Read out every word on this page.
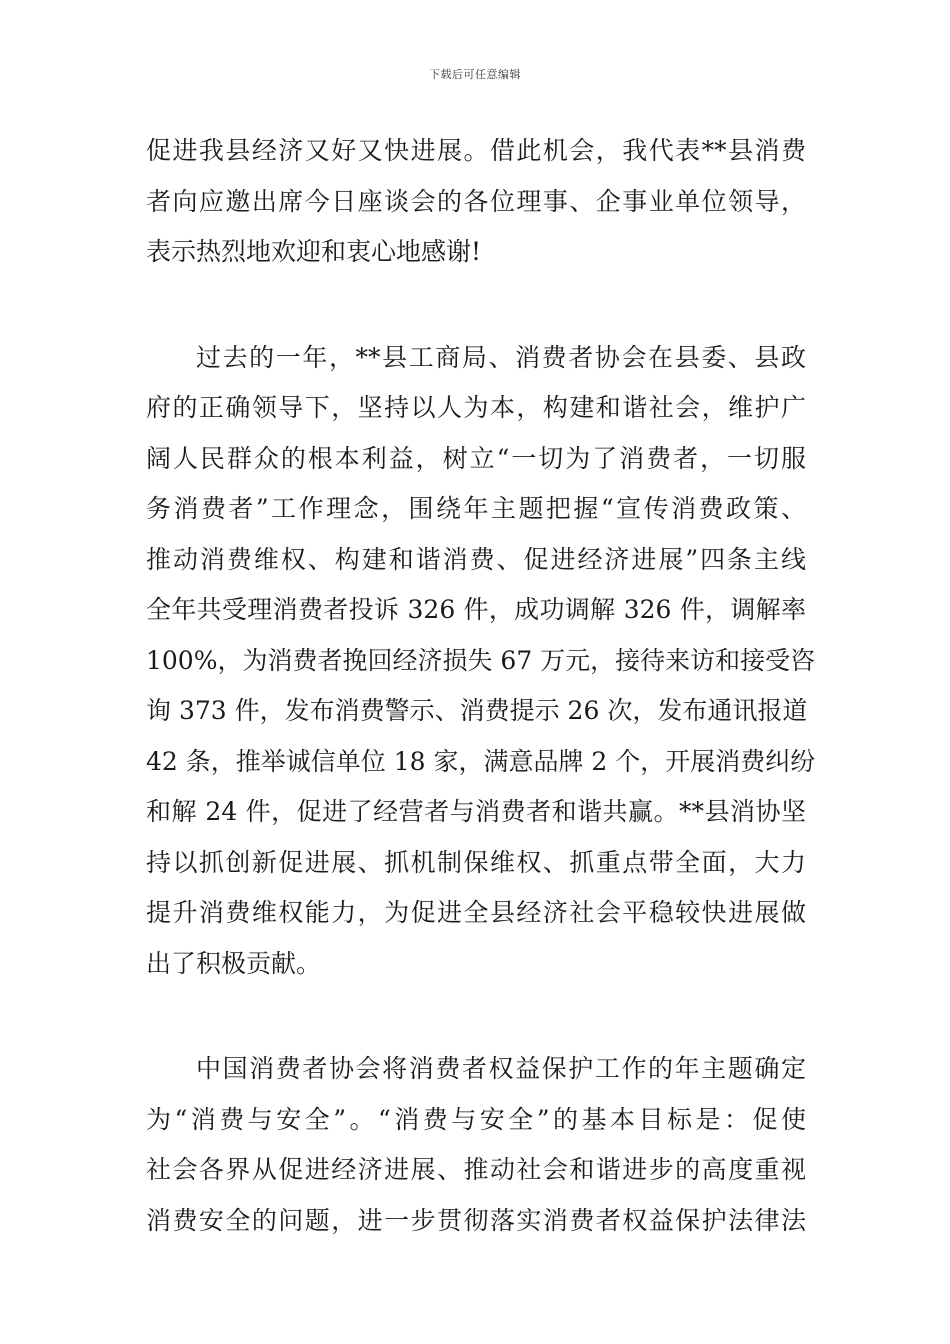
下载后可任意编辑
促进我县经济又好又快进展。借此机会，我代表**县消费
者向应邀出席今日座谈会的各位理事、企事业单位领导，
表示热烈地欢迎和衷心地感谢!
过去的一年，**县工商局、消费者协会在县委、县政
府的正确领导下，坚持以人为本，构建和谐社会，维护广
阔人民群众的根本利益，树立“一切为了消费者，一切服
务消费者”工作理念，围绕年主题把握“宣传消费政策、
推动消费维权、构建和谐消费、促进经济进展”四条主线
全年共受理消费者投诉 326 件，成功调解 326 件，调解率
100%，为消费者挽回经济损失 67 万元，接待来访和接受咨
询 373 件，发布消费警示、消费提示 26 次，发布通讯报道
42 条，推举诚信单位 18 家，满意品牌 2 个，开展消费纠纷
和解 24 件，促进了经营者与消费者和谐共赢。**县消协坚
持以抓创新促进展、抓机制保维权、抓重点带全面，大力
提升消费维权能力，为促进全县经济社会平稳较快进展做
出了积极贡献。
中国消费者协会将消费者权益保护工作的年主题确定
为“消费与安全”。“消费与安全”的基本目标是：促使
社会各界从促进经济进展、推动社会和谐进步的高度重视
消费安全的问题，进一步贯彻落实消费者权益保护法律法
